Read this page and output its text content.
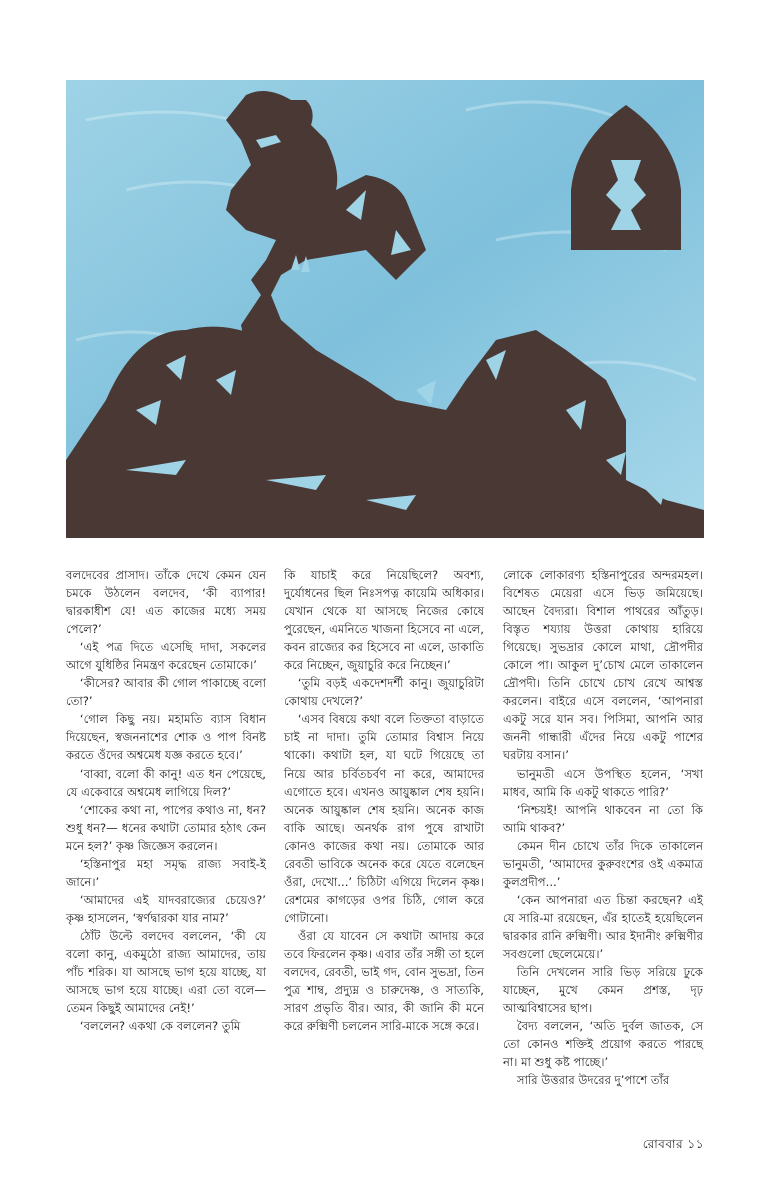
বলদেবের প্রাসাদ। তাঁকে দেখে কেমন যেন চমকে উঠলেন বলদেব, ‘কী ব্যাপার! দ্বারকাধীশ যে! এত কাজের মধ্যে সময় পেলে?’

‘এই পত্র দিতে এসেছি দাদা, সকলের আগে যুধিষ্ঠির নিমন্ত্রণ করেছেন তোমাকে।’

‘কীসের? আবার কী গোল পাকাচ্ছে বলো তো?’

‘গোল কিছু নয়। মহামতি ব্যাস বিধান দিয়েছেন, স্বজননাশের শোক ও পাপ বিনষ্ট করতে ওঁদের অশ্বমেধ যজ্ঞ করতে হবে।’

‘বাব্বা, বলো কী কানু! এত ধন পেয়েছে, যে একেবারে অশ্বমেধ লাগিয়ে দিল?’

‘শোকের কথা না, পাপের কথাও না, ধন? শুধু ধন?— ধনের কথাটা তোমার হঠাৎ কেন মনে হল?’ কৃষ্ণ জিজ্ঞেস করলেন।

‘হস্তিনাপুর মহা সমৃদ্ধ রাজ্য সবাই-ই জানে।’

‘আমাদের এই যাদবরাজ্যের চেয়েও?’ কৃষ্ণ হাসলেন, ‘স্বর্ণদ্বারকা যার নাম?’

ঠোঁট উল্টে বলদেব বললেন, ‘কী যে বলো কানু, একমুঠো রাজ্য আমাদের, তায় পাঁচ শরিক। যা আসছে ভাগ হয়ে যাচ্ছে, যা আসছে ভাগ হয়ে যাচ্ছে। এরা তো বলে— তেমন কিছুই আমাদের নেই!’

‘বললেন? একথা কে বললেন? তুমি

কি যাচাই করে নিয়েছিলে? অবশ্য, দুর্যোধনের ছিল নিঃসপত্ন কায়েমি অধিকার। যেখান থেকে যা আসছে নিজের কোষে পুরেছেন, এমনিতে খাজনা হিসেবে না এলে, কবন রাজ্যের কর হিসেবে না এলে, ডাকাতি করে নিচ্ছেন, জুয়াচুরি করে নিচ্ছেন।’

‘তুমি বড়ই একদেশদর্শী কানু। জুয়াচুরিটা কোথায় দেখলে?’

‘এসব বিষয়ে কথা বলে তিক্ততা বাড়াতে চাই না দাদা। তুমি তোমার বিশ্বাস নিয়ে থাকো। কথাটা হল, যা ঘটে গিয়েছে তা নিয়ে আর চর্বিতচর্বণ না করে, আমাদের এগোতে হবে। এখনও আয়ুষ্কাল শেষ হয়নি। অনেক আয়ুষ্কাল শেষ হয়নি। অনেক কাজ বাকি আছে। অনর্থক রাগ পুষে রাখাটা কোনও কাজের কথা নয়। তোমাকে আর রেবতী ভাবিকে অনেক করে যেতে বলেছেন ওঁরা, দেখো...’ চিঠিটা এগিয়ে দিলেন কৃষ্ণ। রেশমের কাগড়ের ওপর চিঠি, গোল করে গোটানো।

ওঁরা যে যাবেন সে কথাটা আদায় করে তবে ফিরলেন কৃষ্ণ। এবার তাঁর সঙ্গী তা হলে বলদেব, রেবতী, ভাই গদ, বোন সুভদ্রা, তিন পুত্র শাম্ব, প্রদ্যুম্ন ও চারুদেষ্ণ, ও সাত্যকি, সারণ প্রভৃতি বীর। আর, কী জানি কী মনে করে রুক্মিণী চললেন সারি-মাকে সঙ্গে করে।

লোকে লোকারণ্য হস্তিনাপুরের অন্দরমহল। বিশেষত মেয়েরা এসে ভিড় জমিয়েছে। আছেন বৈদ্যরা। বিশাল পাথরের আঁতুড়। বিস্তৃত শয্যায় উত্তরা কোথায় হারিয়ে গিয়েছে। সুভদ্রার কোলে মাথা, দ্রৌপদীর কোলে পা। আকুল দু’চোখ মেলে তাকালেন দ্রৌপদী। তিনি চোখে চোখ রেখে আশ্বস্ত করলেন। বাইরে এসে বললেন, ‘আপনারা একটু সরে যান সব। পিসিমা, আপনি আর জননী গান্ধারী এঁদের নিয়ে একটু পাশের ঘরটায় বসান।’

ভানুমতী এসে উপস্থিত হলেন, ‘সখা মাধব, আমি কি একটু থাকতে পারি?’

‘নিশ্চয়ই! আপনি থাকবেন না তো কি আমি থাকব?’

কেমন দীন চোখে তাঁর দিকে তাকালেন ভানুমতী, ‘আমাদের কুরুবংশের ওই একমাত্র কুলপ্রদীপ...’

‘কেন আপনারা এত চিন্তা করছেন? এই যে সারি-মা রয়েছেন, এঁর হাতেই হয়েছিলেন দ্বারকার রানি রুক্মিণী। আর ইদানীং রুক্মিণীর সবগুলো ছেলেমেয়ে।’

তিনি দেখলেন সারি ভিড় সরিয়ে ঢুকে যাচ্ছেন, মুখে কেমন প্রশস্ত, দৃঢ় আত্মবিশ্বাসের ছাপ।

বৈদ্য বললেন, ‘অতি দুর্বল জাতক, সে তো কোনও শক্তিই প্রয়োগ করতে পারছে না। মা শুধু কষ্ট পাচ্ছে।’

সারি উত্তরার উদরের দু’পাশে তাঁর

রোববার ১১
